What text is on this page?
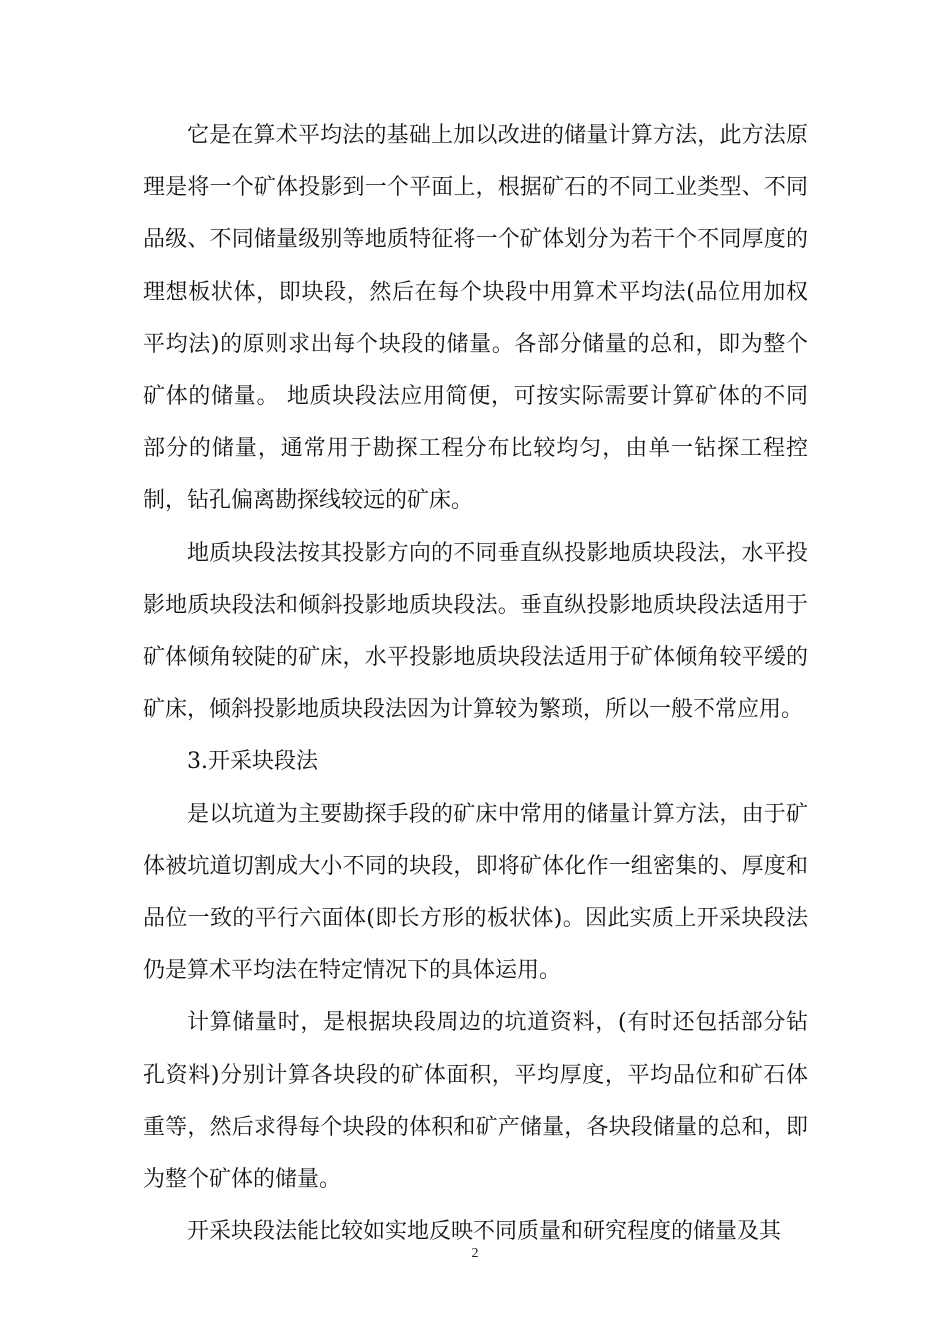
它是在算术平均法的基础上加以改进的储量计算方法，此方法原理是将一个矿体投影到一个平面上，根据矿石的不同工业类型、不同品级、不同储量级别等地质特征将一个矿体划分为若干个不同厚度的理想板状体，即块段，然后在每个块段中用算术平均法(品位用加权平均法)的原则求出每个块段的储量。各部分储量的总和，即为整个矿体的储量。 地质块段法应用简便，可按实际需要计算矿体的不同部分的储量，通常用于勘探工程分布比较均匀，由单一钻探工程控制，钻孔偏离勘探线较远的矿床。

地质块段法按其投影方向的不同垂直纵投影地质块段法，水平投影地质块段法和倾斜投影地质块段法。垂直纵投影地质块段法适用于矿体倾角较陡的矿床，水平投影地质块段法适用于矿体倾角较平缓的矿床，倾斜投影地质块段法因为计算较为繁琐，所以一般不常应用。

3.开采块段法

是以坑道为主要勘探手段的矿床中常用的储量计算方法，由于矿体被坑道切割成大小不同的块段，即将矿体化作一组密集的、厚度和品位一致的平行六面体(即长方形的板状体)。因此实质上开采块段法仍是算术平均法在特定情况下的具体运用。

计算储量时，是根据块段周边的坑道资料，(有时还包括部分钻孔资料)分别计算各块段的矿体面积，平均厚度，平均品位和矿石体重等，然后求得每个块段的体积和矿产储量，各块段储量的总和，即为整个矿体的储量。

开采块段法能比较如实地反映不同质量和研究程度的储量及其

2
